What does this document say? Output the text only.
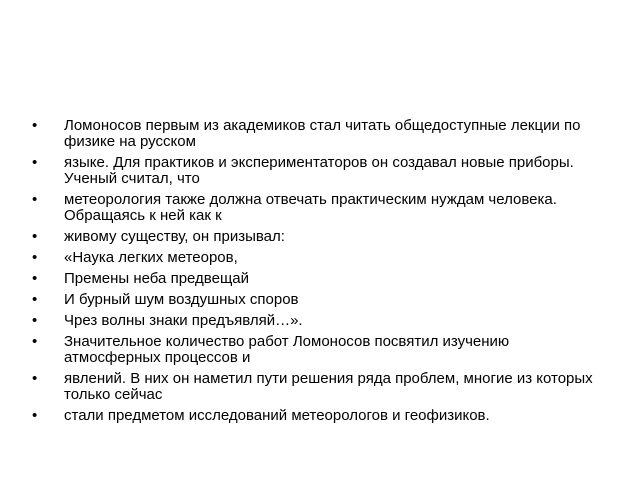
•	Ломоносов первым из академиков стал читать общедоступные лекции по физике на русском
•	языке. Для практиков и экспериментаторов он создавал новые приборы. Ученый считал, что
•	метеорология также должна отвечать практическим нуждам человека. Обращаясь к ней как к
•	живому существу, он призывал:
•	«Наука легких метеоров,
•	Премены неба предвещай
•	И бурный шум воздушных споров
•	Чрез волны знаки предъявляй…».
•	Значительное количество работ Ломоносов посвятил изучению атмосферных процессов и
•	явлений. В них он наметил пути решения ряда проблем, многие из которых только сейчас
•	стали предметом исследований метеорологов и геофизиков.
